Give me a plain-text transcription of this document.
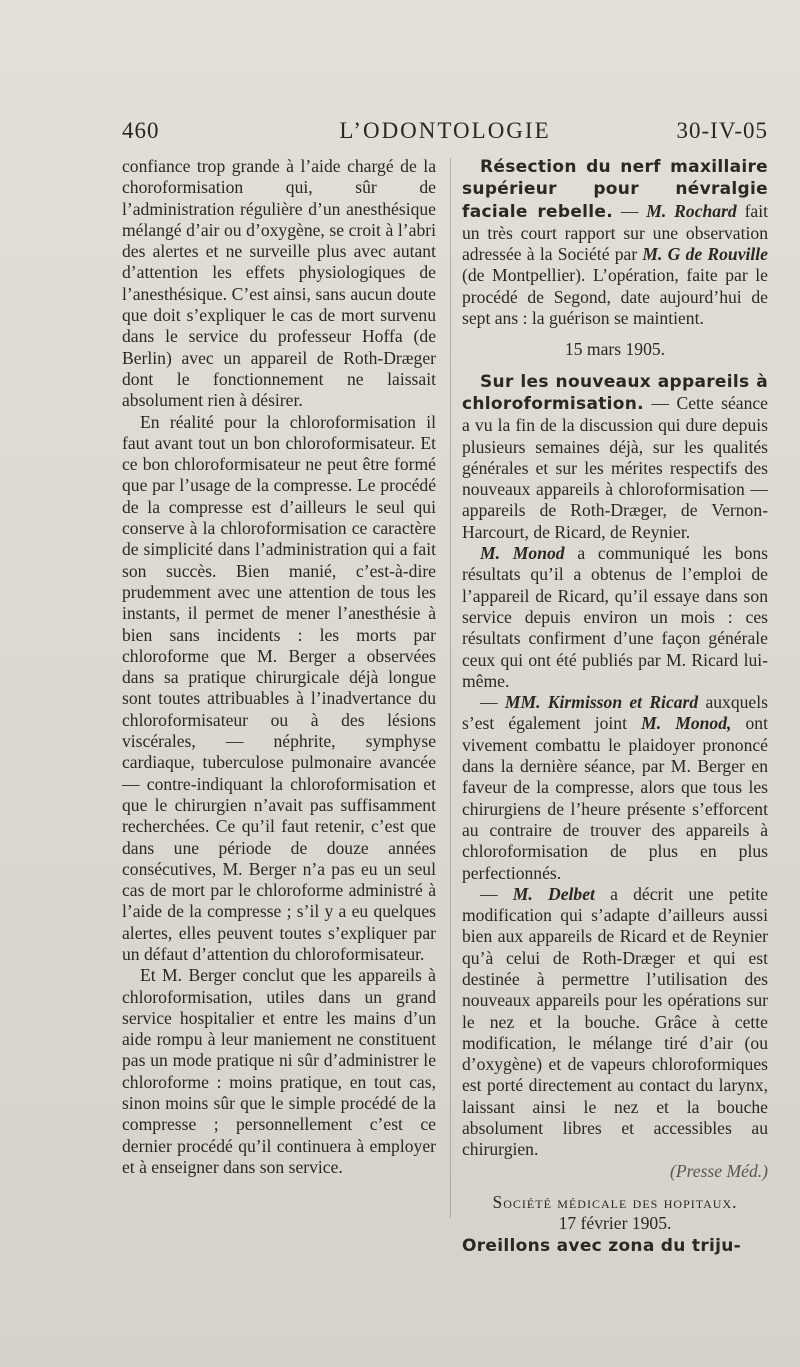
460	L’ODONTOLOGIE	30-IV-05

confiance trop grande à l’aide chargé de la choroformisation qui, sûr de l’administration régulière d’un anesthésique mélangé d’air ou d’oxygène, se croit à l’abri des alertes et ne surveille plus avec autant d’attention les effets physiologiques de l’anesthésique. C’est ainsi, sans aucun doute que doit s’expliquer le cas de mort survenu dans le service du professeur Hoffa (de Berlin) avec un appareil de Roth-Dræger dont le fonctionnement ne laissait absolument rien à désirer.

En réalité pour la chloroformisation il faut avant tout un bon chloroformisateur. Et ce bon chloroformisateur ne peut être formé que par l’usage de la compresse. Le procédé de la compresse est d’ailleurs le seul qui conserve à la chloroformisation ce caractère de simplicité dans l’administration qui a fait son succès. Bien manié, c’est-à-dire prudemment avec une attention de tous les instants, il permet de mener l’anesthésie à bien sans incidents : les morts par chloroforme que M. Berger a observées dans sa pratique chirurgicale déjà longue sont toutes attribuables à l’inadvertance du chloroformisateur ou à des lésions viscérales, — néphrite, symphyse cardiaque, tuberculose pulmonaire avancée — contre-indiquant la chloroformisation et que le chirurgien n’avait pas suffisamment recherchées. Ce qu’il faut retenir, c’est que dans une période de douze années consécutives, M. Berger n’a pas eu un seul cas de mort par le chloroforme administré à l’aide de la compresse ; s’il y a eu quelques alertes, elles peuvent toutes s’expliquer par un défaut d’attention du chloroformisateur.

Et M. Berger conclut que les appareils à chloroformisation, utiles dans un grand service hospitalier et entre les mains d’un aide rompu à leur maniement ne constituent pas un mode pratique ni sûr d’administrer le chloroforme : moins pratique, en tout cas, sinon moins sûr que le simple procédé de la compresse ; personnellement c’est ce dernier procédé qu’il continuera à employer et à enseigner dans son service.

Résection du nerf maxillaire supérieur pour névralgie faciale rebelle. — M. Rochard fait un très court rapport sur une observation adressée à la Société par M. G de Rouville (de Montpellier). L’opération, faite par le procédé de Segond, date aujourd’hui de sept ans : la guérison se maintient.

15 mars 1905.

Sur les nouveaux appareils à chloroformisation. — Cette séance a vu la fin de la discussion qui dure depuis plusieurs semaines déjà, sur les qualités générales et sur les mérites respectifs des nouveaux appareils à chloroformisation — appareils de Roth-Dræger, de Vernon-Harcourt, de Ricard, de Reynier.

M. Monod a communiqué les bons résultats qu’il a obtenus de l’emploi de l’appareil de Ricard, qu’il essaye dans son service depuis environ un mois : ces résultats confirment d’une façon générale ceux qui ont été publiés par M. Ricard lui-même.

— MM. Kirmisson et Ricard auxquels s’est également joint M. Monod, ont vivement combattu le plaidoyer prononcé dans la dernière séance, par M. Berger en faveur de la compresse, alors que tous les chirurgiens de l’heure présente s’efforcent au contraire de trouver des appareils à chloroformisation de plus en plus perfectionnés.

— M. Delbet a décrit une petite modification qui s’adapte d’ailleurs aussi bien aux appareils de Ricard et de Reynier qu’à celui de Roth-Dræger et qui est destinée à permettre l’utilisation des nouveaux appareils pour les opérations sur le nez et la bouche. Grâce à cette modification, le mélange tiré d’air (ou d’oxygène) et de vapeurs chloroformiques est porté directement au contact du larynx, laissant ainsi le nez et la bouche absolument libres et accessibles au chirurgien.

(Presse Méd.)

Société médicale des hopitaux.

17 février 1905.

Oreillons avec zona du triju-
